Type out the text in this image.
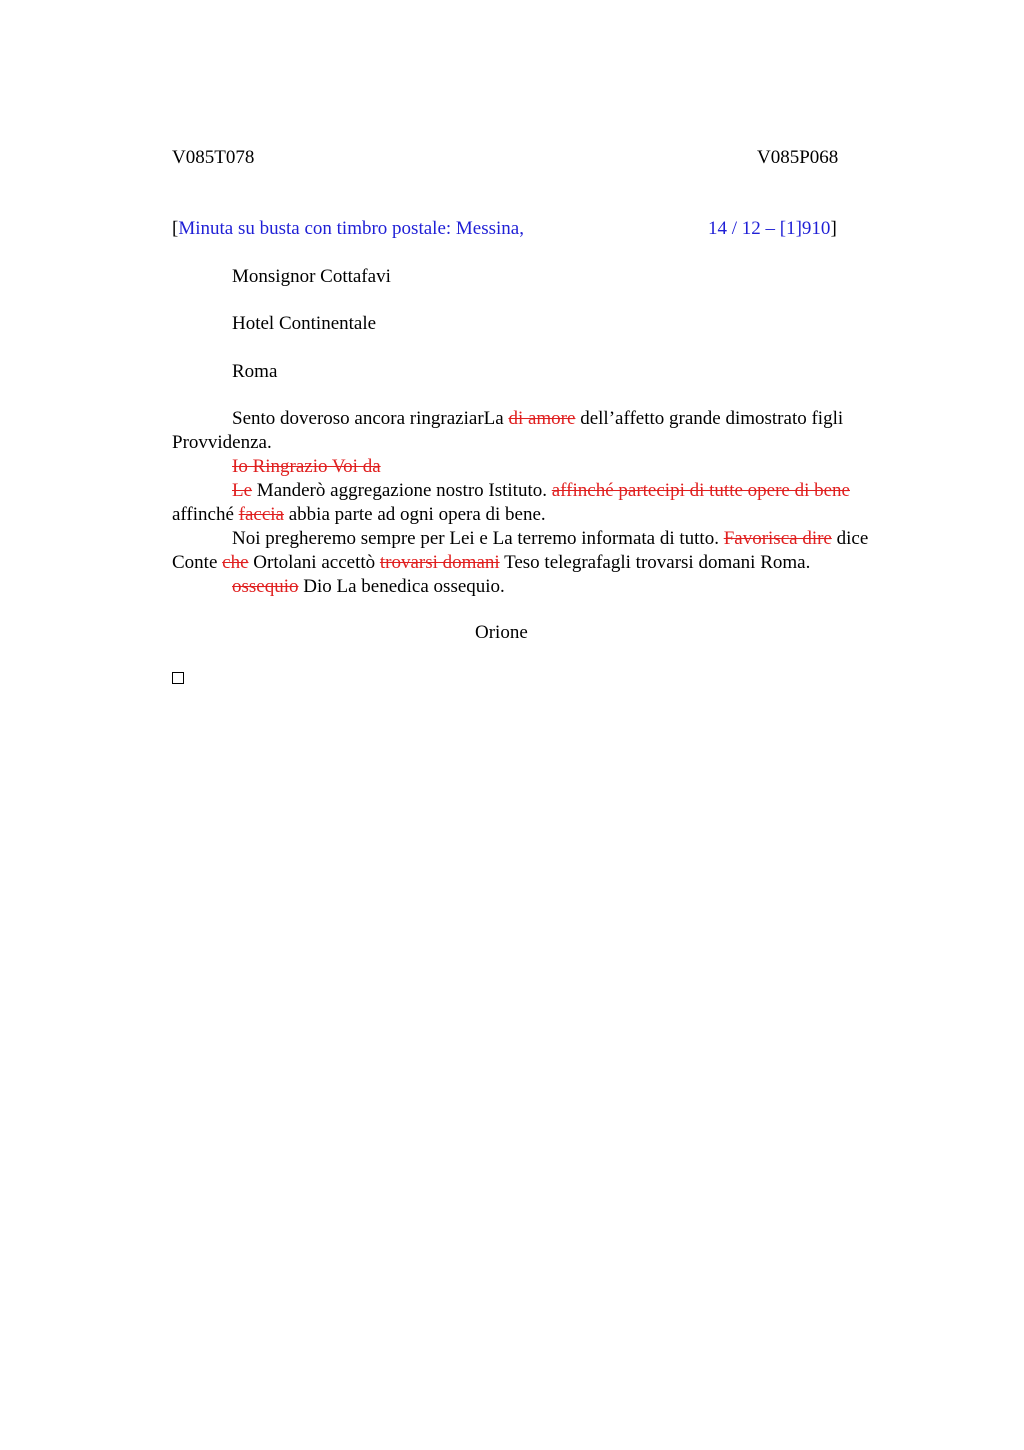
V085T078	V085P068
[Minuta su busta con timbro postale: Messina,	14 / 12 – [1]910]
Monsignor Cottafavi
Hotel Continentale
Roma
Sento doveroso ancora ringraziarLa di amore dell’affetto grande dimostrato figli
Provvidenza.
Io Ringrazio Voi da
Le Manderò aggregazione nostro Istituto. affinché partecipi di tutte opere di bene
affinché faccia abbia parte ad ogni opera di bene.
Noi pregheremo sempre per Lei e La terremo informata di tutto. Favorisca dire dice
Conte che Ortolani accettò trovarsi domani Teso telegrafagli trovarsi domani Roma.
ossequio Dio La benedica ossequio.
Orione
